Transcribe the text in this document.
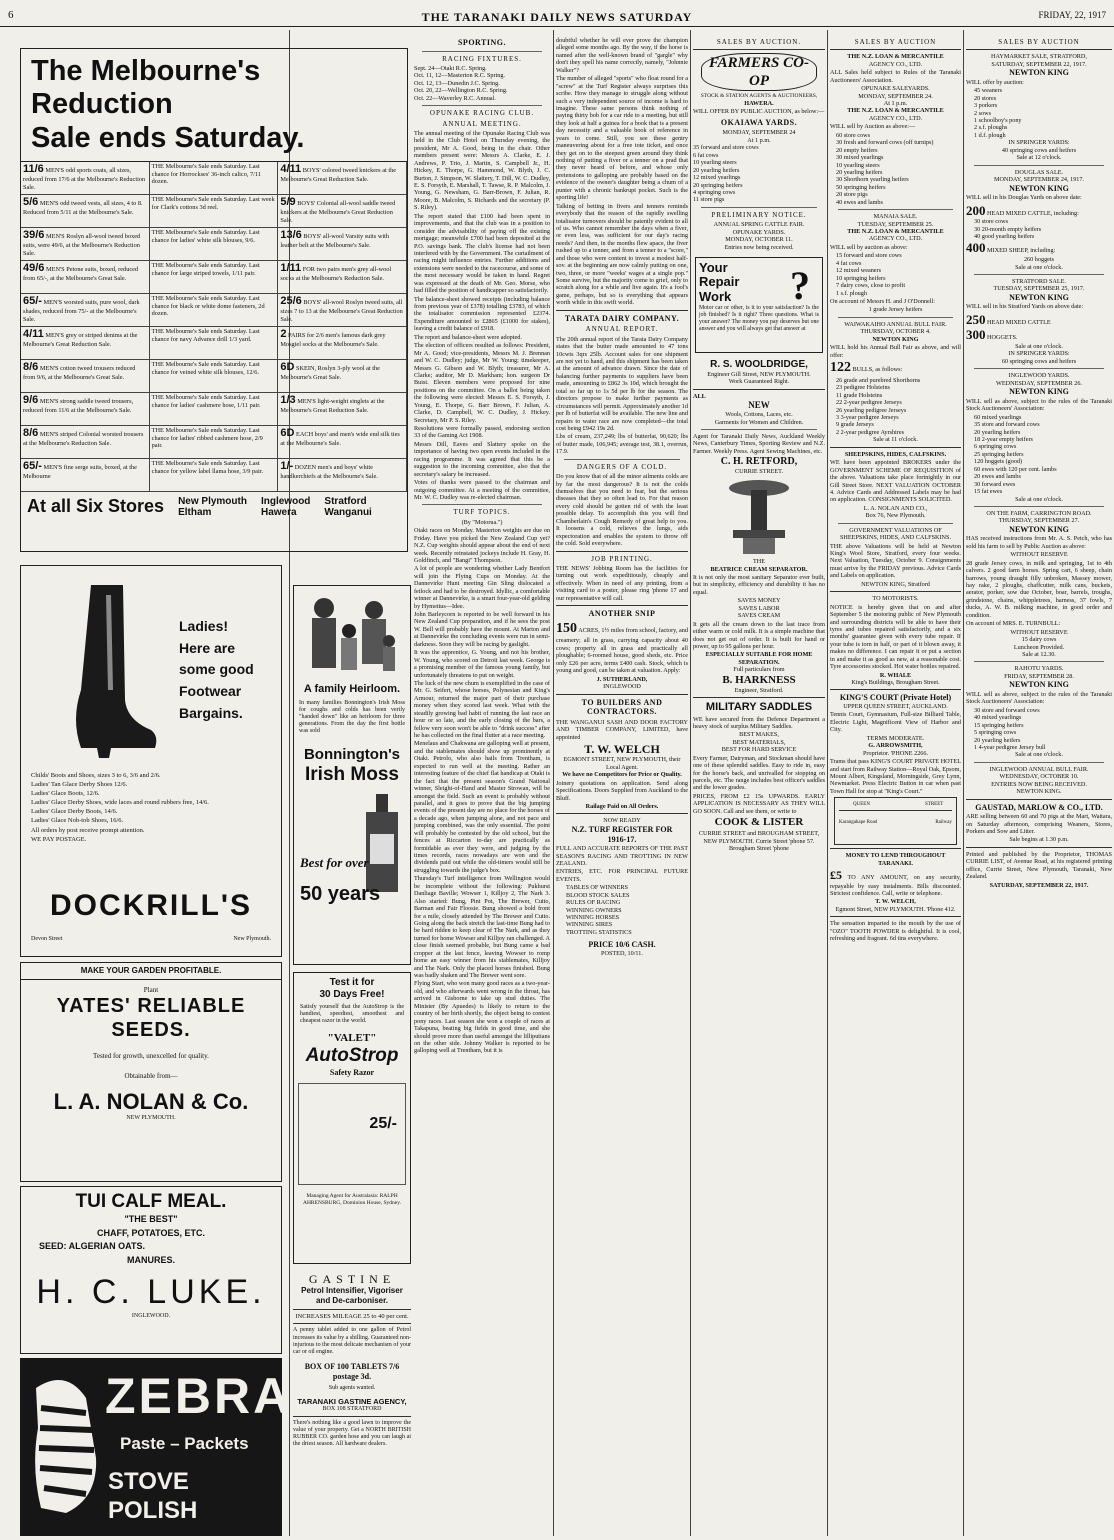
6	THE TARANAKI DAILY NEWS SATURDAY	FRIDAY, 22, 1917
The Melbourne's Reduction
Sale ends Saturday.
11/6 MEN'S odd sports coats, all sizes, reduced from 17/6 at the Melbourne's Reduction Sale.
THE Melbourne's Sale ends Saturday. Last chance for Horrockses' 36-inch calico, 7/11 dozen.
4/11 BOYS' colored tweed knickers at the Melbourne's Great Reduction Sale.
5/6 MEN'S odd tweed vests, all sizes, 4 to 8. Reduced from 5/11 at the Melbourne's Sale.
THE Melbourne's Sale ends Saturday. Last week for Clark's cottons 3d reel.	5/9 BOYS' Colonial all-wool saddle tweed knickers at the Melbourne's Great Reduction Sale.
39/6 MEN'S Roslyn all-wool tweed boxed suits, were 49/6, at the Melbourne's Reduction Sale.
THE Melbourne's Sale ends Saturday. Last chance for ladies' white silk blouses, 9/6.	13/6 BOYS' all-wool Varsity suits with leather belt at the Melbourne's Sale.
49/6 MEN'S Petone suits, boxed, reduced from 65/-, at the Melbourne's Great Sale.
THE Melbourne's Sale ends Saturday. Last chance for large striped towels, 1/11 pair.	1/11 FOR two pairs men's grey all-wool socks at the Melbourne's Reduction Sale.
65/- MEN'S worsted suits, pure wool, dark shades, reduced from 75/- at the Melbourne's Sale.
THE Melbourne's Sale ends Saturday. Last chance for black or white dome fasteners, 2d dozen.
25/6 BOYS' all-wool Roslyn tweed suits, all sizes 7 to 13 at the Melbourne's Great Reduction Sale.
4/11 MEN'S grey or striped denims at the Melbourne's Great Reduction Sale.
THE Melbourne's Sale ends Saturday. Last chance for navy Advance drill 1/3 yard.	2 PAIRS for 2/6 men's famous dark grey Mosgiel socks at the Melbourne's Sale.
8/6 MEN'S cotton tweed trousers reduced from 9/6, at the Melbourne's Great Sale.
THE Melbourne's Sale ends Saturday. Last chance for veined white silk blouses, 12/6.	6D SKEIN, Roslyn 3-ply wool at the Melbourne's Great Sale.
9/6 MEN'S strong saddle tweed trousers, reduced from 11/6 at the Melbourne's Sale.
THE Melbourne's Sale ends Saturday. Last chance for ladies' cashmere hose, 1/11 pair.	1/3 MEN'S light-weight singlets at the Melbourne's Great Reduction Sale.
8/6 MEN'S striped Colonial worsted trousers at the Melbourne's Reduction Sale.
THE Melbourne's Sale ends Saturday. Last chance for ladies' ribbed cashmere hose, 2/9 pair.
6D EACH boys' and men's wide end silk ties at the Melbourne's Sale.
65/- MEN'S fine serge suits, boxed, at the Melbourne
THE Melbourne's Sale ends Saturday. Last chance for yellow label llama hose, 3/9 pair.	1/- DOZEN men's and boys' white handkerchiefs at the Melbourne's Sale.
At all Six Stores New Plymouth
Eltham
Inglewood
Hawera
Stratford
Wanganui
Ladies!
Here are
some good
Footwear
Bargains.
Childs' Boots and Shoes, sizes 3 to 6, 3/6 and 2/6.
Ladies' Tan Glace Derby Shoes 12/6.
Ladies' Glace Boots, 12/6.
Ladies' Glace Derby Shoes, wide laces and round rubbers free, 14/6.
Ladies' Glace Derby Boots, 14/6.
Ladies' Glace Nob-tob Shoes, 16/6.
All orders by post receive prompt attention.
WE PAY POSTAGE.
DOCKRILL'S
Devon Street	New Plymouth.
MAKE YOUR GARDEN PROFITABLE.
Plant
YATES' RELIABLE
SEEDS.
Tested for growth, unexcelled for quality.
Obtainable from—
L. A. NOLAN & Co.
NEW PLYMOUTH.
TUI CALF MEAL.
"THE BEST"
CHAFF, POTATOES, ETC.
SEED: ALGERIAN OATS.
MANURES.
H. C. LUKE.
INGLEWOOD.
ZEBRA
Paste – Packets
STOVE POLISH
A family Heirloom.

In many families Bonnington's Irish Moss for coughs and colds has been verily "handed down" like an heirloom for three generations. From the day the first bottle was sold

Bonnington's
Irish Moss
Best for over
50 years
Test it for
30 Days Free!

Satisfy yourself that the AutoStrop is the handiest, speediest, smoothest and cheapest razor in the world.

"VALET"
AutoStrop
Safety Razor
25/-

Managing Agent for Australasia: RALPH AHRENSBURG, Dominion House, Sydney.

GASTINE
Petrol Intensifier, Vigoriser and De-carboniser.
INCREASES MILEAGE 25 to 40 per cent.

A penny tablet added to one gallon of Petrol increases its value by a shilling. Guaranteed non-injurious to the most delicate mechanism of your car or oil engine.

BOX OF 100 TABLETS 7/6
postage 3d.
Sub agents wanted.
TARANAKI GASTINE AGENCY,
BOX 108 STRATFORD

There's nothing like a good lawn to improve the value of your property. Get a NORTH BRITISH RUBBER CO. garden hose and you can laugh at the driest season. All hardware dealers.

SPORTING.
RACING FIXTURES.
Sept. 24—Otaki R.C. Spring.
Oct. 11, 12—Masterton R.C. Spring.
Oct. 12, 13—Dunedin J.C. Spring.
Oct. 20, 22—Wellington R.C. Spring.
Oct. 22—Waverley R.C. Annual.
OPUNAKE RACING CLUB.
ANNUAL MEETING.

The annual meeting of the Opunake Racing Club was held in the Club Hotel on Thursday evening, the president, Mr A. Good, being in the chair. Other members present were: Messrs A. Clarke, E. J. Andrews, P. Trio, J. Martin, S. Campbell Jr., H. Hickey, E. Thorpe, G. Hammond, W. Blyth, J. C. Burton, J. Simpson, W. Slattery, T. Dill, W. C. Dudley, E. S. Forsyth, E. Marshall, T. Tawse, R. P. Malcolm, J. Young, G. Newsham, G. Barr-Brown, F. Julian, R. Moore, B. Malcolm, S. Richards and the secretary (P. S. Riley).

The report stated that £100 had been spent in improvements, and that the club was in a position to consider the advisability of paying off the existing mortgage; meanwhile £700 had been deposited at the P.O. savings bank. The club's license had not been interfered with by the Government. The curtailment of racing might influence entries. Further additions and extensions were needed to the racecourse, and some of the most necessary would be taken in hand. Regret was expressed at the death of Mr. Geo. Morse, who had filled the position of handicapper so satisfactorily.

The balance-sheet showed receipts (including balance from previous year of £378) totalling £3783, of which the totalisator commission represented £2374. Expenditure amounted to £2865 (£1000 for stakes), leaving a credit balance of £918.

The report and balance-sheet were adopted.

The election of officers resulted as follows: President, Mr A. Good; vice-presidents, Messrs M. J. Brennan and W. C. Dudley; judge, Mr W. Young; timekeeper, Messrs G. Gibson and W. Blyth; treasurer, Mr A. Clarke; auditor, Mr D. Markham; hon. surgeon Dr Buist. Eleven members were proposed for nine positions on the committee. On a ballot being taken the following were elected: Messrs E. S. Forsyth, J. Young, E. Thorpe, G. Barr Brown, F. Julian, A. Clarke, D. Campbell, W. C. Dudley, J. Hickey. Secretary, Mr P. S. Riley.

Resolutions were formally passed, endorsing section 33 of the Gaming Act 1908.

Messrs Dill, Eaves and Slattery spoke on the importance of having two open events included in the racing programme. It was agreed that this be a suggestion to the incoming committee, also that the secretary's salary be increased.

Votes of thanks were passed to the chairman and outgoing committee. At a meeting of the committee, Mr. W. C. Dudley was re-elected chairman.

TURF TOPICS.
(By "Motorua.")

Otaki races on Monday. Masterton weights are due on Friday. Have you picked the New Zealand Cup yet? N.Z. Cup weights should appear about the end of next week. Recently reinstated jockeys include H. Gray, H. Goldfinch, and "Bangi" Thompson.

A lot of people are wondering whether Lady Bentfort will join the Flying Cups on Monday. At the Dannevirke Hunt meeting Gin Sling dislocated a fetlock and had to be destroyed. Idyllic, a comfortable winner at Dannevirke, is a smart four-year-old gelding by Hymettus—Idee.

John Barleycorn is reported to be well forward in his New Zealand Cup preparation, and if he sees the post W. Bell will probably have the mount. At Marton and at Dannevirke the concluding events were run in semi-darkness. Soon they will be racing by gaslight.

It was the apprentice, G. Young, and not his brother, W. Young, who scored on Detroit last week. George is a promising member of the famous young family, but unfortunately threatens to put on weight.

The luck of the new chum is exemplified in the case of Mr. G. Seifert, whose horses, Polynesian and King's Armour, returned the major part of their purchase money when they scored last week. What with the steadily growing bad habit of running the last race an hour or so late, and the early closing of the bars, a fellow very soon won't be able to "drink success" after he has collected on the final flutter at a race meeting.

Menelaus and Chakwana are galloping well at present, and the stablemates should show up prominently at Otaki. Petrolo, who also hails from Trentham, is expected to run well at the meeting. Rather an interesting feature of the chief flat handicap at Otaki is the fact that the present season's Grand National winner, Sleight-of-Hand and Master Strowan, will be amongst the field. Such an event is probably without parallel, and it goes to prove that the big jumping events of the present day are no place for the horses of a decade ago, when jumping alone, and not pace and jumping combined, was the only essential. The point will probably be contested by the old school, but the fences at Riccarton to-day are practically as formidable as ever they were, and judging by the times records, races nowadays are won and the dividends paid out while the old-timers would still be struggling towards the judge's box.

Thursday's Turf intelligence from Wellington would be incomplete without the following: Pukhurst Danliage Baville; Wowser 1, Killjoy 2, The Nark 3. Also started: Bung, Pint Pot, The Brewer, Cutto, Barman and Fair Floosie. Bung showed a bold front for a mile, closely attended by The Brewer and Cutto. Going along the back stretch the last-time Bung had to be hard ridden to keep clear of The Nark, and as they turned for home Wowser and Killjoy ran challenged. A close finish seemed probable, but Bung came a bad cropper at the last fence, leaving Wowser to romp home an easy winner from his stablemates, Killjoy and The Nark. Only the placed horses finished. Bung was badly shaken and The Brewer went sore.

Flying Start, who won many good races as a two-year-old, and who afterwards went wrong in the throat, has arrived in Gisborne to take up stud duties. The Minister (By Apuedes) is likely to return to the country of her birth shortly, the object being to contest pony races. Last season she won a couple of races at Takapuna, beating big fields in good time, and she should prove more than useful amongst the lilliputians on the other side. Johnny Walker is reported to be galloping well at Trentham, but it is

doubtful whether he will ever prove the champion alleged some months ago. By the way, if the horse is named after the well-known brand of "gargle" why don't they spell his name correctly, namely, "Johnnie Walker"?

The number of alleged "sports" who float round for a "screw" at the Turf Register always surprises this scribe. How they manage to struggle along without such a very independent source of income is hard to imagine. These same persons think nothing of paying thirty bob for a car ride to a meeting, but still they look at half a guinea for a book that is a present day necessity and a valuable book of reference in years to come. Still, you see these gentry maneuvering about for a free tote ticket, and once they get on to the steepest green around they think nothing of putting a fiver or a tenner on a prad that they never heard of before, and whose only pretensions to galloping are probably based on the evidence of the owner's daughter being a chum of a punter with a chronic bankrupt pocket. Such is the sporting life!

Talking of betting in fivers and tenners reminds everybody that the reason of the rapidly swelling totalisator turnovers should be patently evident to all of us. Who cannot remember the days when a fiver, or even less, was sufficient for our day's racing needs? And then, in the months flew apace, the fiver rushed up to a tenner, and from a tenner to a "score," and those who were content to invest a modest half-sov. at the beginning are now calmly putting on one, two, three, or more "weeks' wages at a single pop." Some survive, but the majority come to grief, only to scratch along for a while and live again. It's a fool's game, perhaps, but so is everything that appears worth while in this swift world.

TARATA DAIRY COMPANY.
ANNUAL REPORT.

The 20th annual report of the Tarata Dairy Company states that the butter made amounted to 47 tons 10cwts 3qrs 25lb. Account sales for one shipment are not yet to hand, and this shipment has been taken at the amount of advance drawn. Since the date of balancing further payments to suppliers have been made, amounting to £862 3s 10d, which brought the total so far up to 1s 5d per lb for the season. The directors propose to make further payments as circumstances will permit. Approximately another 1d per lb of butterfat will be available. The new line and repairs to water race are now completed—the total cost being £942 19s 2d.

Lbs of cream, 237,249; lbs of butterfat, 90,620; lbs of butter made, 106,945; average test, 38.1, overrun, 17.9.

DANGERS OF A COLD.

Do you know that of all the minor ailments colds are by far the most dangerous? It is not the colds themselves that you need to fear, but the serious diseases that they so often lead to. For that reason every cold should be gotten rid of with the least possible delay. To accomplish this you will find Chamberlain's Cough Remedy of great help to you. It loosens a cold, relieves the lungs, aids expectoration and enables the system to throw off the cold. Sold everywhere.

JOB PRINTING.

THE NEWS' Jobbing Room has the facilities for turning out work expeditiously, cheaply and effectively. When in need of any printing, from a visiting card to a poster, please ring 'phone 17 and our representative will call.

ANOTHER SNIP

150 ACRES, 1½ miles from school, factory, and creamery; all in grass, carrying capacity about 40 cows; property all in grass and practically all ploughable; 6-roomed house, good sheds, etc. Price only £26 per acre, terms £400 cash. Stock, which is young and good, can be taken at valuation. Apply:

J. SUTHERLAND,
INGLEWOOD
TO BUILDERS AND CONTRACTORS.

THE WANGANUI SASH AND DOOR FACTORY AND TIMBER COMPANY, LIMITED, have appointed

T. W. WELCH
EGMONT STREET, NEW PLYMOUTH, their Local Agent.
We have no Competitors for Price or Quality.

Joinery quotations on application. Send along Specifications. Doors Supplied from Auckland to the Bluff.

Railage Paid on All Orders.
NOW READY
N.Z. TURF REGISTER FOR
1916-17.

FULL AND ACCURATE REPORTS OF THE PAST SEASON'S RACING AND TROTTING IN NEW ZEALAND.

ENTRIES, ETC. FOR PRINCIPAL FUTURE EVENTS.

TABLES OF WINNERS
BLOOD STOCK SALES
RULES OF RACING
WINNING OWNERS
WINNING HORSES
WINNING SIRES
TROTTING STATISTICS
PRICE 10/6 CASH.
POSTED, 10/11.
SALES BY AUCTION.
FARMERS CO-OP
STOCK & STATION AGENTS & AUCTIONEERS,
HAWERA.

WILL OFFER BY PUBLIC AUCTION, as below:—

OKAIAWA YARDS.
MONDAY, SEPTEMBER 24
At 1 p.m.
35 forward and store cows
6 fat cows
10 yearling steers
20 yearling heifers
12 mixed yearlings
20 springing heifers
4 springing cows
11 store pigs
PRELIMINARY NOTICE.
ANNUAL SPRING CATTLE FAIR.
OPUNAKE YARDS.
MONDAY, OCTOBER 11.
Entries now being received.
Your
Repair
Work	?

Motor car or other, is it to your satisfaction? Is the job finished? Is it right? Three questions. What is your answer? The money you pay deserves but one answer and you will always get that answer at

R. S. WOOLDRIDGE,
Engineer Gill Street, NEW PLYMOUTH.
Work Guaranteed Right.
ALL
NEW
Wools, Cottons, Laces, etc.
Garments for Women and Children.

Agent for Taranaki Daily News, Auckland Weekly News, Canterbury Times, Sporting Review and N.Z. Farmer. Weekly Press. Agent Sewing Machines, etc.

C. H. RETFORD,
CURRIE STREET.
THE
BEATRICE CREAM SEPARATOR.

It is not only the most sanitary Separator ever built, but in simplicity, efficiency and durability it has no equal.

SAVES MONEY
SAVES LABOR
SAVES CREAM

It gets all the cream down to the last trace from either warm or cold milk. It is a simple machine that does not get out of order. It is built for hand or power, up to 95 gallons per hour.

ESPECIALLY SUITABLE FOR HOME SEPARATION.
Full particulars from
B. HARKNESS
Engineer, Stratford.
MILITARY SADDLES

WE have secured from the Defence Department a heavy stock of surplus Military Saddles.

BEST MAKES,
BEST MATERIALS,
BEST FOR HARD SERVICE

Every Farmer, Dairyman, and Stockman should have one of these splendid saddles. Easy to ride in, easy for the horse's back, and unrivalled for stopping on parcels, etc. The range includes best officer's saddles and the lower grades.

PRICES, FROM £2 15s UPWARDS. EARLY APPLICATION IS NECESSARY AS THEY WILL GO SOON. Call and see them, or write to

COOK & LISTER

CURRIE STREET and BROUGHAM STREET, NEW PLYMOUTH. Currie Street 'phone 57. Brougham Street 'phone

SALES BY AUCTION
THE N.Z. LOAN & MERCANTILE
AGENCY CO., LTD.

ALL Sales held subject to Rules of the Taranaki Auctioneers' Association.

OPUNAKE SALEYARDS.
MONDAY, SEPTEMBER 24.
At 1 p.m.
THE N.Z. LOAN & MERCANTILE
AGENCY CO., LTD.

WILL sell by Auction as above:—

60 store cows
30 fresh and forward cows (off turnips)
20 empty heifers
30 mixed yearlings
10 yearling steers
20 yearling heifers
30 Shorthorn yearling heifers
50 springing heifers
20 store pigs
40 ewes and lambs
MANAIA SALE.
TUESDAY, SEPTEMBER 25.
THE N.Z. LOAN & MERCANTILE
AGENCY CO., LTD.

WILL sell by auction as above:

15 forward and store cows
4 fat cows
12 mixed weaners
10 springing heifers
7 dairy cows, close to profit
1 s.f. plough

On account of Messrs H. and J O'Donnell:

1 grade Jersey heifers
WAIWAKAIHO ANNUAL BULL FAIR.
THURSDAY, OCTOBER 4.
NEWTON KING

WILL hold his Annual Bull Fair as above, and will offer:

122 BULLS, as follows:
26 grade and purebred Shorthorns
23 pedigree Holsteins
11 grade Holsteins
22 2-year pedigree Jerseys
26 yearling pedigree Jerseys
3 3-year pedigree Jerseys
9 grade Jerseys
2 2-year pedigree Ayrshires
Sale at 11 o'clock.
SHEEPSKINS, HIDES, CALFSKINS.

WE have been appointed BROKERS under the GOVERNMENT SCHEME OF REQUISITION of the above. Valuations take place fortnightly in our Gill Street Store. NEXT VALUATION OCTOBER 4. Advice Cards and Addressed Labels may be had on application. CONSIGNMENTS SOLICITED.

L. A. NOLAN AND CO.,
Box 76, New Plymouth.
GOVERNMENT VALUATIONS OF SHEEPSKINS, HIDES, AND CALFSKINS.

THE above Valuations will be held at Newton King's Wool Store, Stratford, every four weeks. Next Valuation, Tuesday, October 9. Consignments must arrive by the FRIDAY previous. Advice Cards and Labels on application.

NEWTON KING, Stratford
TO MOTORISTS.

NOTICE is hereby given that on and after September 5 the motoring public of New Plymouth and surrounding districts will be able to have their tyres and tubes repaired satisfactorily, and a six months' guarantee given with every tube repair. If your tube is torn in half, or part of it blown away, it makes no difference. I can repair it or put a section in and make it as good as new, at a reasonable cost. Tyre accessories stocked. Hot water bottles repaired.

R. WHALE
King's Buildings, Brougham Street.
KING'S COURT (Private Hotel)
UPPER QUEEN STREET, AUCKLAND.

Tennis Court, Gymnasium, Full-size Billiard Table, Electric Light, Magnificent View of Harbor and City.

TERMS MODERATE.
G. ARROWSMITH,
Proprietor. 'PHONE 2266.

Trams that pass KING'S COURT PRIVATE HOTEL and start from Railway Station—Royal Oak, Epsom, Mount Albert, Kingsland, Morningside, Grey Lynn, Newmarket. Press Electric Button in car when past Town Hall for stop at "King's Court."

QUEEN	STREET
Karangahape Road	Railway
MONEY TO LEND THROUGHOUT TARANAKI.

£5 TO ANY AMOUNT, on any security, repayable by easy instalments. Bills discounted. Strictest confidence. Call, write or telephone.

T. W. WELCH,
Egmont Street, NEW PLYMOUTH. 'Phone 412.

The sensation imparted to the mouth by the use of "OZO" TOOTH POWDER is delightful. It is cool, refreshing and fragrant. 6d tins everywhere.

SALES BY AUCTION
HAYMARKET SALE, STRATFORD,
SATURDAY, SEPTEMBER 22, 1917.
NEWTON KING

WILL offer by auction:

45 weaners
20 stores
3 porkers
2 sows
1 schoolboy's pony
2 s.f. ploughs
1 d.f. plough
IN SPRINGER YARDS:
40 springing cows and heifers
Sale at 12 o'clock.
DOUGLAS SALE.
MONDAY, SEPTEMBER 24, 1917.
NEWTON KING

WILL sell in his Douglas Yards on above date:

200 HEAD MIXED CATTLE, including:
30 store cows
30 20-month empty heifers
40 good yearling heifers
400 MIXED SHEEP, including:
260 hoggets
Sale at one o'clock.
STRATFORD SALE.
TUESDAY, SEPTEMBER 25, 1917.
NEWTON KING

WILL sell in his Stratford Yards on above date:

250 HEAD MIXED CATTLE
300 HOGGETS.
Sale at one o'clock.
IN SPRINGER YARDS:
60 springing cows and heifers
INGLEWOOD YARDS.
WEDNESDAY, SEPTEMBER 26.
NEWTON KING

WILL sell as above, subject to the rules of the Taranaki Stock Auctioneers' Association:

60 mixed yearlings
35 store and forward cows
20 yearling heifers
18 2-year empty heifers
6 springing cows
25 springing heifers
120 hoggets (good)
60 ewes with 120 per cent. lambs
20 ewes and lambs
30 forward ewes
15 fat ewes
Sale at one o'clock.
ON THE FARM, CARRINGTON ROAD.
THURSDAY, SEPTEMBER 27.
NEWTON KING

HAS received instructions from Mr. A. S. Petch, who has sold his farm to sell by Public Auction as above:

WITHOUT RESERVE

28 grade Jersey cows, in milk and springing, 1st to 4th calvers. 2 good farm horses. Spring cart, 6 sheep, chain barrows, young draught filly unbroken, Massey mower, hay rake, 2 ploughs, chaffcutter, milk cans, buckets, aerator, porker, sow due October, boar, barrels, troughs, grindstone, chains, whippletrees, harness, 37 fowls, 7 ducks, A. W. B. milking machine, in good order and condition.

On account of MRS. E. TURNBULL:

WITHOUT RESERVE
15 dairy cows
Luncheon Provided.
Sale at 12.30.
RAHOTU YARDS.
FRIDAY, SEPTEMBER 28.
NEWTON KING

WILL sell as above, subject to the rules of the Taranaki Stock Auctioneers' Association:

30 store and forward cows
40 mixed yearlings
15 springing heifers
5 springing cows
20 yearling heifers
1 4-year pedigree Jersey bull
Sale at one o'clock.
INGLEWOOD ANNUAL BULL FAIR.
WEDNESDAY, OCTOBER 10.
ENTRIES NOW BEING RECEIVED.
NEWTON KING.
GAUSTAD, MARLOW & CO., LTD.

ARE selling between 60 and 70 pigs at the Mart, Waitara, on Saturday afternoon, comprising Weaners, Stores, Porkers and Sow and Litter.

Sale begins at 1.30 p.m.

Printed and published by the Proprietor, THOMAS CURRIE LIST, of Avenue Road, at his registered printing office, Currie Street, New Plymouth, Taranaki, New Zealand.

SATURDAY, SEPTEMBER 22, 1917.
